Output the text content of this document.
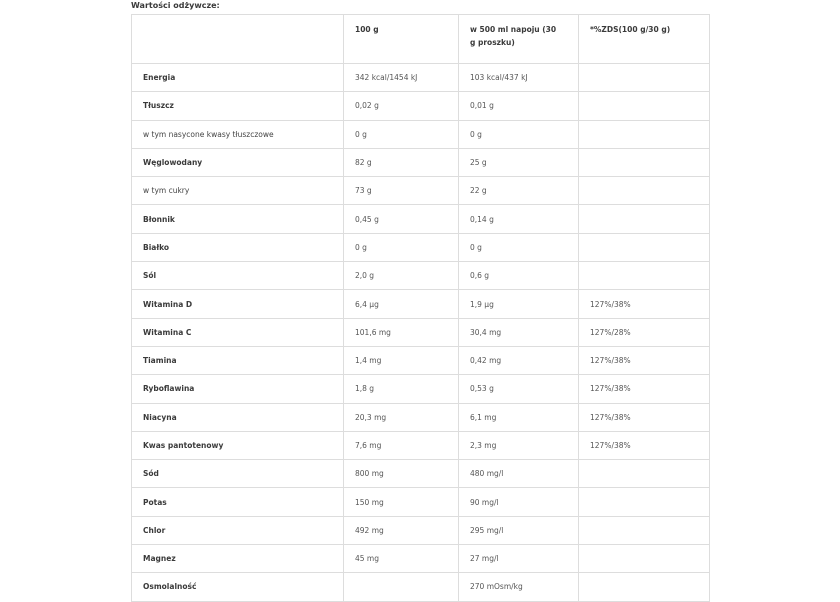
Wartości odżywcze:
	100 g	w 500 ml napoju (30 g proszku)	*%ZDS(100 g/30 g)
Energia	342 kcal/1454 kJ	103 kcal/437 kJ	
Tłuszcz	0,02 g	0,01 g	
w tym nasycone kwasy tłuszczowe	0 g	0 g	
Węglowodany	82 g	25 g	
w tym cukry	73 g	22 g	
Błonnik	0,45 g	0,14 g	
Białko	0 g	0 g	
Sól	2,0 g	0,6 g	
Witamina D	6,4 μg	1,9 μg	127%/38%
Witamina C	101,6 mg	30,4 mg	127%/28%
Tiamina	1,4 mg	0,42 mg	127%/38%
Ryboflawina	1,8 g	0,53 g	127%/38%
Niacyna	20,3 mg	6,1 mg	127%/38%
Kwas pantotenowy	7,6 mg	2,3 mg	127%/38%
Sód	800 mg	480 mg/l	
Potas	150 mg	90 mg/l	
Chlor	492 mg	295 mg/l	
Magnez	45 mg	27 mg/l	
Osmolalność		270 mOsm/kg	
